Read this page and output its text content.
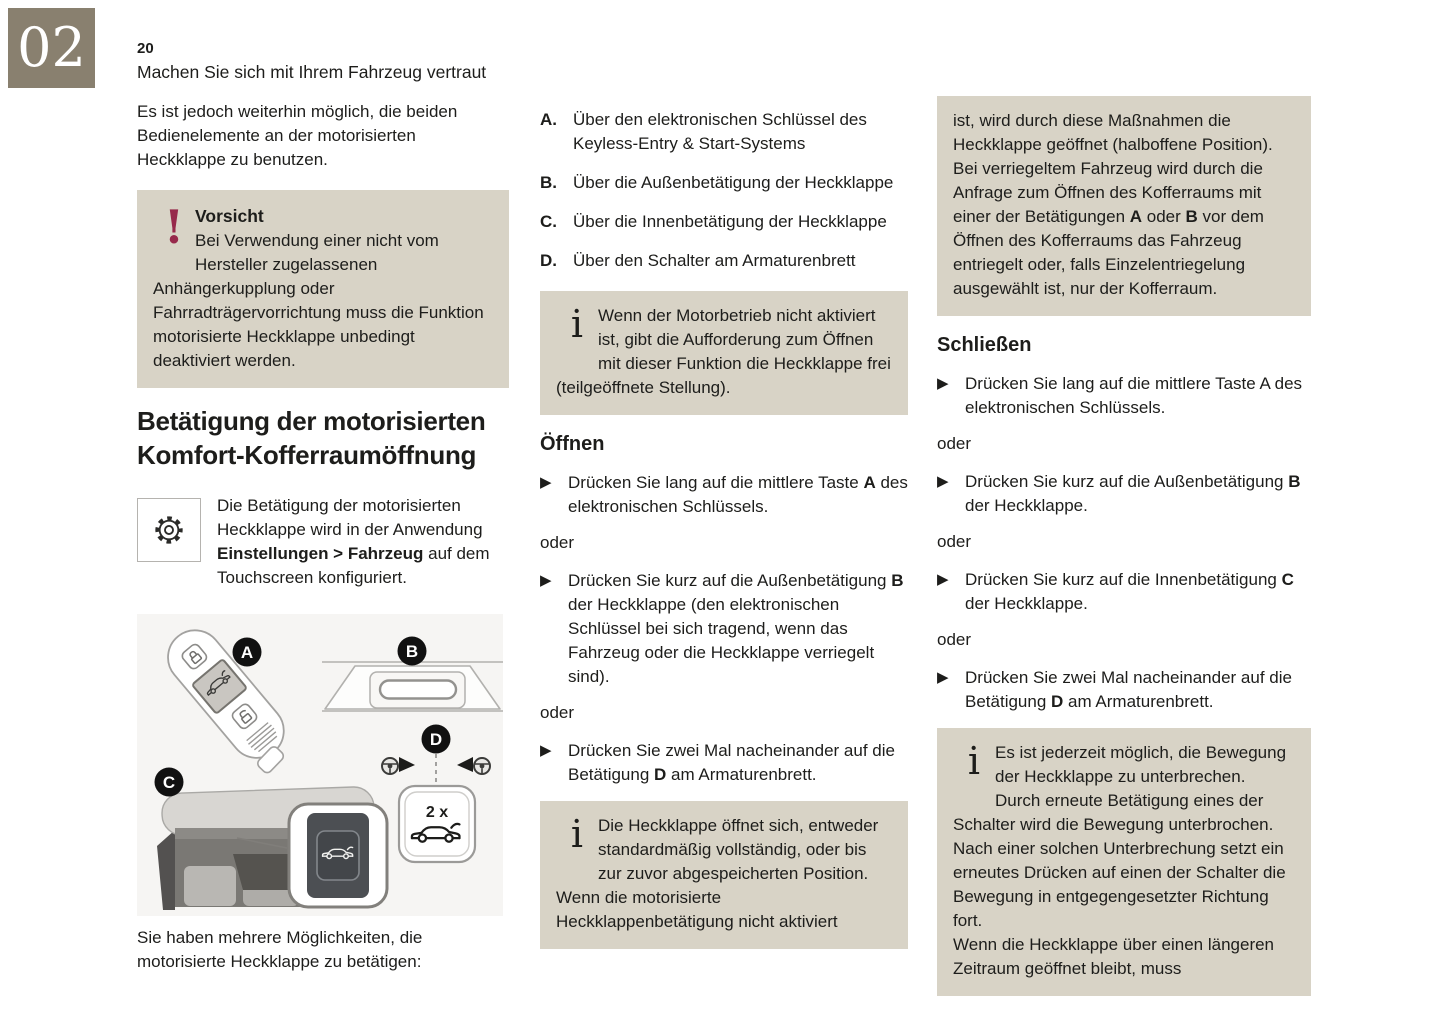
02	20
Machen Sie sich mit Ihrem Fahrzeug vertraut

Es ist jedoch weiterhin möglich, die beiden Bedienelemente an der motorisierten Heckklappe zu benutzen.

! Vorsicht

Bei Verwendung einer nicht vom Hersteller zugelassenen Anhängerkupplung oder Fahrradträgervorrichtung muss die Funktion motorisierte Heckklappe unbedingt deaktiviert werden.

Betätigung der motorisierten Komfort-Kofferraumöffnung

Die Betätigung der motorisierten Heckklappe wird in der Anwendung Einstellungen > Fahrzeug auf dem Touchscreen konfiguriert.

2 x
A	B
C
D

Sie haben mehrere Möglichkeiten, die motorisierte Heckklappe zu betätigen:

A. Über den elektronischen Schlüssel des Keyless-Entry & Start-Systems
B. Über die Außenbetätigung der Heckklappe
C. Über die Innenbetätigung der Heckklappe
D. Über den Schalter am Armaturenbrett
i Wenn der Motorbetrieb nicht aktiviert ist, gibt die Aufforderung zum Öffnen mit dieser Funktion die Heckklappe frei (teilgeöffnete Stellung).

Öffnen
▶ Drücken Sie lang auf die mittlere Taste A des elektronischen Schlüssels.

oder

▶ Drücken Sie kurz auf die Außenbetätigung B der Heckklappe (den elektronischen Schlüssel bei sich tragend, wenn das Fahrzeug oder die Heckklappe verriegelt sind).

oder

▶ Drücken Sie zwei Mal nacheinander auf die Betätigung D am Armaturenbrett.

i Die Heckklappe öffnet sich, entweder standardmäßig vollständig, oder bis zur zuvor abgespeicherten Position.
Wenn die motorisierte Heckklappenbetätigung nicht aktiviert

ist, wird durch diese Maßnahmen die Heckklappe geöffnet (halboffene Position). Bei verriegeltem Fahrzeug wird durch die Anfrage zum Öffnen des Kofferraums mit einer der Betätigungen A oder B vor dem Öffnen des Kofferraums das Fahrzeug entriegelt oder, falls Einzelentriegelung ausgewählt ist, nur der Kofferraum.

Schließen
▶ Drücken Sie lang auf die mittlere Taste A des elektronischen Schlüssels.

oder

▶ Drücken Sie kurz auf die Außenbetätigung B der Heckklappe.

oder

▶ Drücken Sie kurz auf die Innenbetätigung C der Heckklappe.

oder

▶ Drücken Sie zwei Mal nacheinander auf die Betätigung D am Armaturenbrett.

i Es ist jederzeit möglich, die Bewegung der Heckklappe zu unterbrechen.
Durch erneute Betätigung eines der Schalter wird die Bewegung unterbrochen.
Nach einer solchen Unterbrechung setzt ein erneutes Drücken auf einen der Schalter die Bewegung in entgegengesetzter Richtung fort.
Wenn die Heckklappe über einen längeren Zeitraum geöffnet bleibt, muss
